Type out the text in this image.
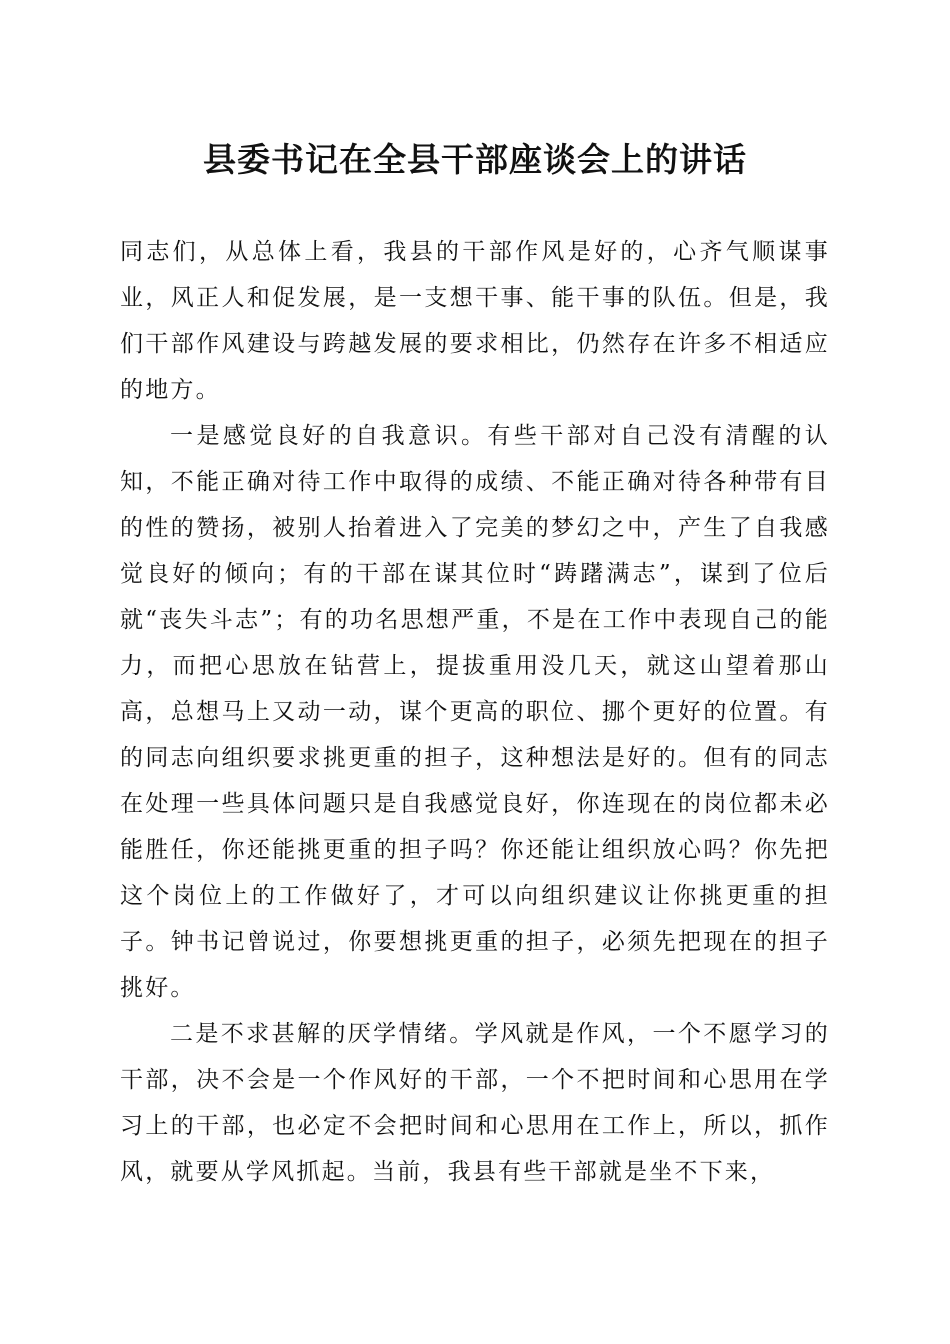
县委书记在全县干部座谈会上的讲话

同志们，从总体上看，我县的干部作风是好的，心齐气顺谋事业，风正人和促发展，是一支想干事、能干事的队伍。但是，我们干部作风建设与跨越发展的要求相比，仍然存在许多不相适应的地方。

一是感觉良好的自我意识。有些干部对自己没有清醒的认知，不能正确对待工作中取得的成绩、不能正确对待各种带有目的性的赞扬，被别人抬着进入了完美的梦幻之中，产生了自我感觉良好的倾向；有的干部在谋其位时“踌躇满志”，谋到了位后就“丧失斗志”；有的功名思想严重，不是在工作中表现自己的能力，而把心思放在钻营上，提拔重用没几天，就这山望着那山高，总想马上又动一动，谋个更高的职位、挪个更好的位置。有的同志向组织要求挑更重的担子，这种想法是好的。但有的同志在处理一些具体问题只是自我感觉良好，你连现在的岗位都未必能胜任，你还能挑更重的担子吗？你还能让组织放心吗？你先把这个岗位上的工作做好了，才可以向组织建议让你挑更重的担子。钟书记曾说过，你要想挑更重的担子，必须先把现在的担子挑好。

二是不求甚解的厌学情绪。学风就是作风，一个不愿学习的干部，决不会是一个作风好的干部，一个不把时间和心思用在学习上的干部，也必定不会把时间和心思用在工作上，所以，抓作风，就要从学风抓起。当前，我县有些干部就是坐不下来，
